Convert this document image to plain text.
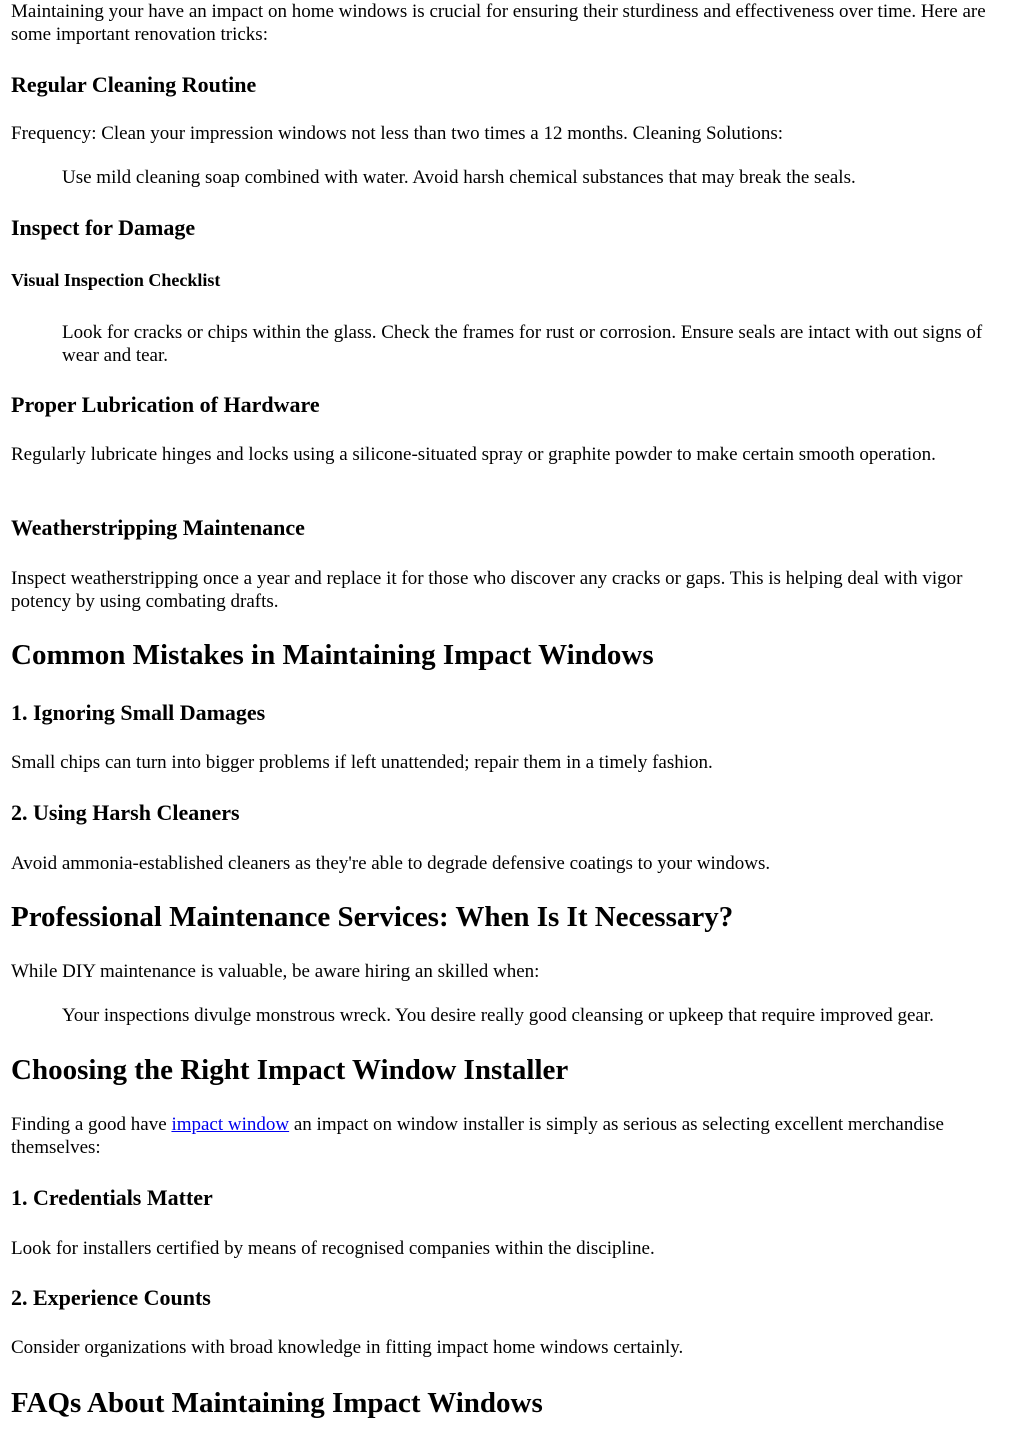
Maintaining your have an impact on home windows is crucial for ensuring their sturdiness and effectiveness over time. Here are some important renovation tricks:

Regular Cleaning Routine

Frequency: Clean your impression windows not less than two times a 12 months. Cleaning Solutions:

Use mild cleaning soap combined with water. Avoid harsh chemical substances that may break the seals.

Inspect for Damage
Visual Inspection Checklist

Look for cracks or chips within the glass. Check the frames for rust or corrosion. Ensure seals are intact with out signs of wear and tear.

Proper Lubrication of Hardware

Regularly lubricate hinges and locks using a silicone-situated spray or graphite powder to make certain smooth operation.

Weatherstripping Maintenance

Inspect weatherstripping once a year and replace it for those who discover any cracks or gaps. This is helping deal with vigor potency by using combating drafts.

Common Mistakes in Maintaining Impact Windows
1. Ignoring Small Damages

Small chips can turn into bigger problems if left unattended; repair them in a timely fashion.

2. Using Harsh Cleaners

Avoid ammonia-established cleaners as they're able to degrade defensive coatings to your windows.

Professional Maintenance Services: When Is It Necessary?

While DIY maintenance is valuable, be aware hiring an skilled when:

Your inspections divulge monstrous wreck. You desire really good cleansing or upkeep that require improved gear.

Choosing the Right Impact Window Installer

Finding a good have impact window an impact on window installer is simply as serious as selecting excellent merchandise themselves:

1. Credentials Matter

Look for installers certified by means of recognised companies within the discipline.

2. Experience Counts

Consider organizations with broad knowledge in fitting impact home windows certainly.

FAQs About Maintaining Impact Windows
